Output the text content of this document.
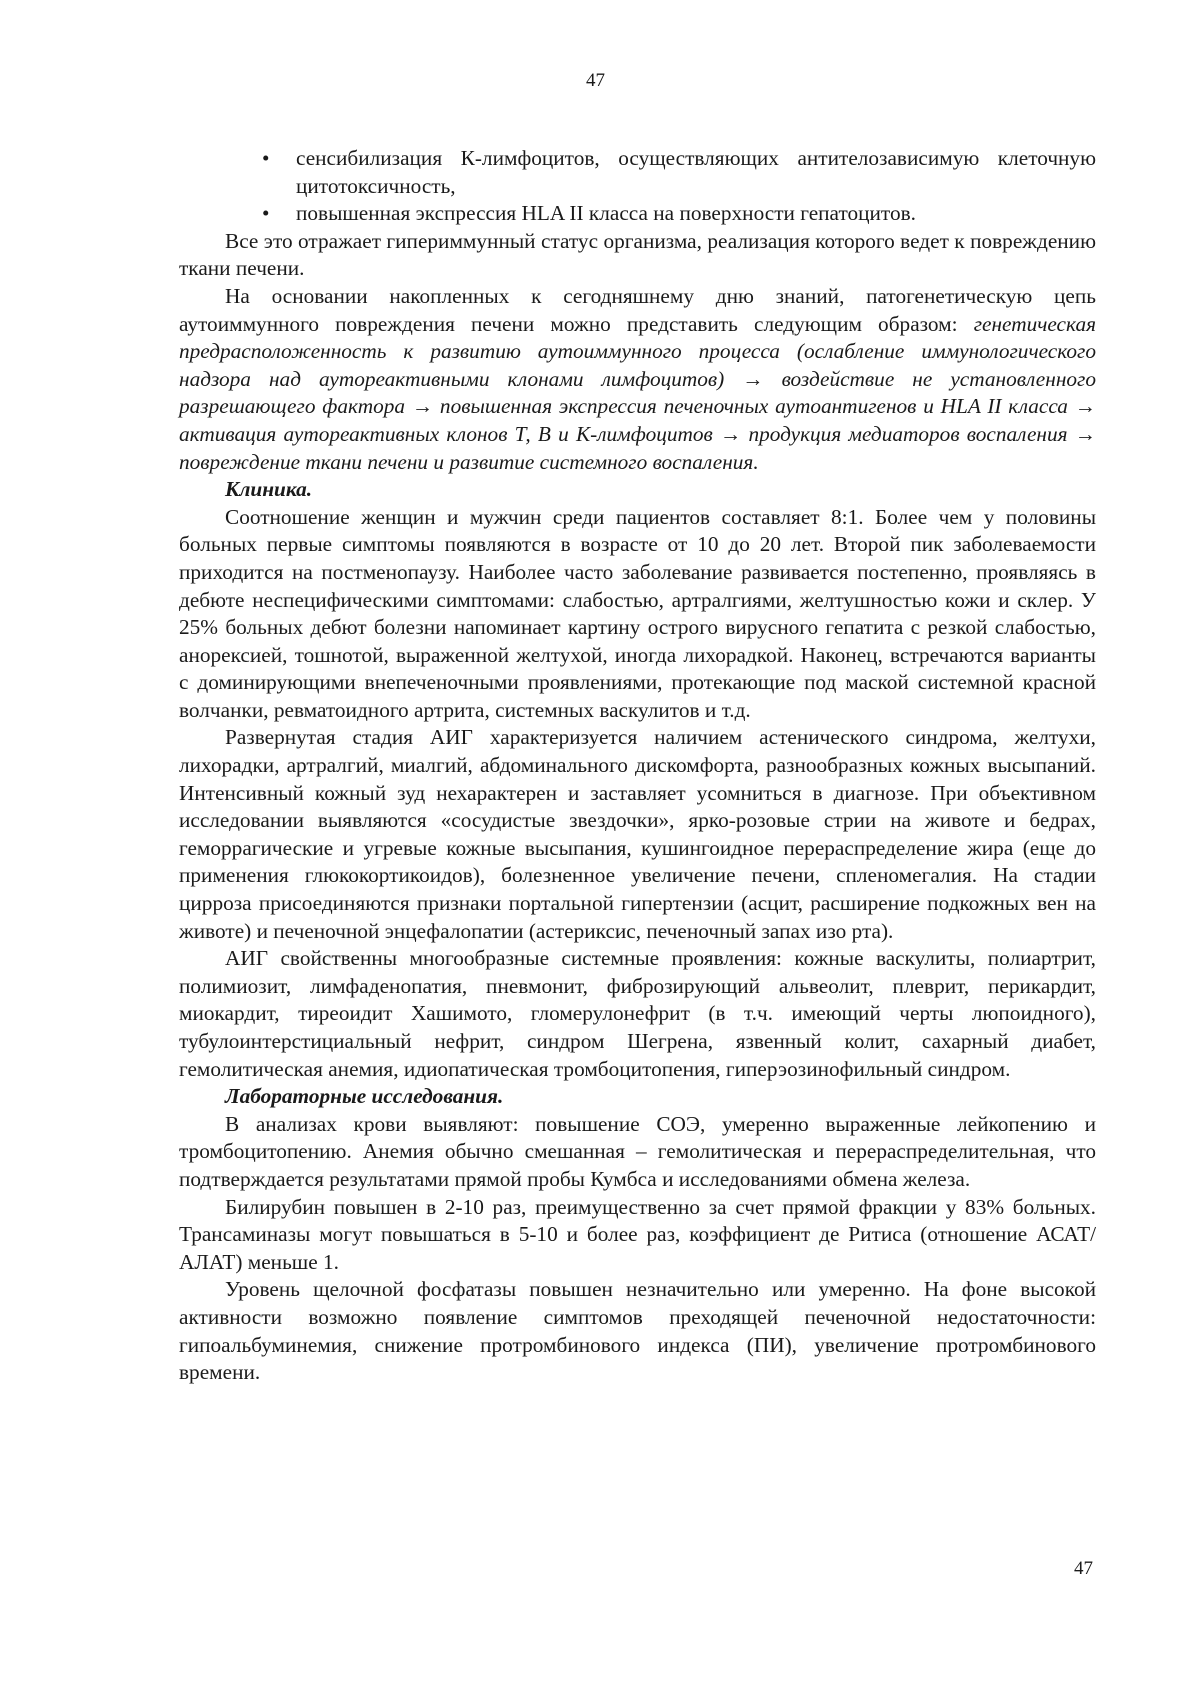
47
• сенсибилизация К-лимфоцитов, осуществляющих антителозависимую клеточную цитотоксичность,
• повышенная экспрессия HLA II класса на поверхности гепатоцитов.

Все это отражает гипериммунный статус организма, реализация которого ведет к повреждению ткани печени.

На основании накопленных к сегодняшнему дню знаний, патогенетическую цепь аутоиммунного повреждения печени можно представить следующим образом: генетическая предрасположенность к развитию аутоиммунного процесса (ослабление иммунологического надзора над аутореактивными клонами лимфоцитов) → воздействие не установленного разрешающего фактора → повышенная экспрессия печеночных аутоантигенов и HLA II класса → активация аутореактивных клонов Т, В и К-лимфоцитов → продукция медиаторов воспаления → повреждение ткани печени и развитие системного воспаления.

Клиника.

Соотношение женщин и мужчин среди пациентов составляет 8:1. Более чем у половины больных первые симптомы появляются в возрасте от 10 до 20 лет. Второй пик заболеваемости приходится на постменопаузу. Наиболее часто заболевание развивается постепенно, проявляясь в дебюте неспецифическими симптомами: слабостью, артралгиями, желтушностью кожи и склер. У 25% больных дебют болезни напоминает картину острого вирусного гепатита с резкой слабостью, анорексией, тошнотой, выраженной желтухой, иногда лихорадкой. Наконец, встречаются варианты с доминирующими внепеченочными проявлениями, протекающие под маской системной красной волчанки, ревматоидного артрита, системных васкулитов и т.д.

Развернутая стадия АИГ характеризуется наличием астенического синдрома, желтухи, лихорадки, артралгий, миалгий, абдоминального дискомфорта, разнообразных кожных высыпаний. Интенсивный кожный зуд нехарактерен и заставляет усомниться в диагнозе. При объективном исследовании выявляются «сосудистые звездочки», ярко-розовые стрии на животе и бедрах, геморрагические и угревые кожные высыпания, кушингоидное перераспределение жира (еще до применения глюкокортикоидов), болезненное увеличение печени, спленомегалия. На стадии цирроза присоединяются признаки портальной гипертензии (асцит, расширение подкожных вен на животе) и печеночной энцефалопатии (астериксис, печеночный запах изо рта).

АИГ свойственны многообразные системные проявления: кожные васкулиты, полиартрит, полимиозит, лимфаденопатия, пневмонит, фиброзирующий альвеолит, плеврит, перикардит, миокардит, тиреоидит Хашимото, гломерулонефрит (в т.ч. имеющий черты люпоидного), тубулоинтерстициальный нефрит, синдром Шегрена, язвенный колит, сахарный диабет, гемолитическая анемия, идиопатическая тромбоцитопения, гиперэозинофильный синдром.

Лабораторные исследования.

В анализах крови выявляют: повышение СОЭ, умеренно выраженные лейкопению и тромбоцитопению. Анемия обычно смешанная – гемолитическая и перераспределительная, что подтверждается результатами прямой пробы Кумбса и исследованиями обмена железа.

Билирубин повышен в 2-10 раз, преимущественно за счет прямой фракции у 83% больных. Трансаминазы могут повышаться в 5-10 и более раз, коэффициент де Ритиса (отношение АСАТ/АЛАТ) меньше 1.

Уровень щелочной фосфатазы повышен незначительно или умеренно. На фоне высокой активности возможно появление симптомов преходящей печеночной недостаточности: гипоальбуминемия, снижение протромбинового индекса (ПИ), увеличение протромбинового времени.

47
